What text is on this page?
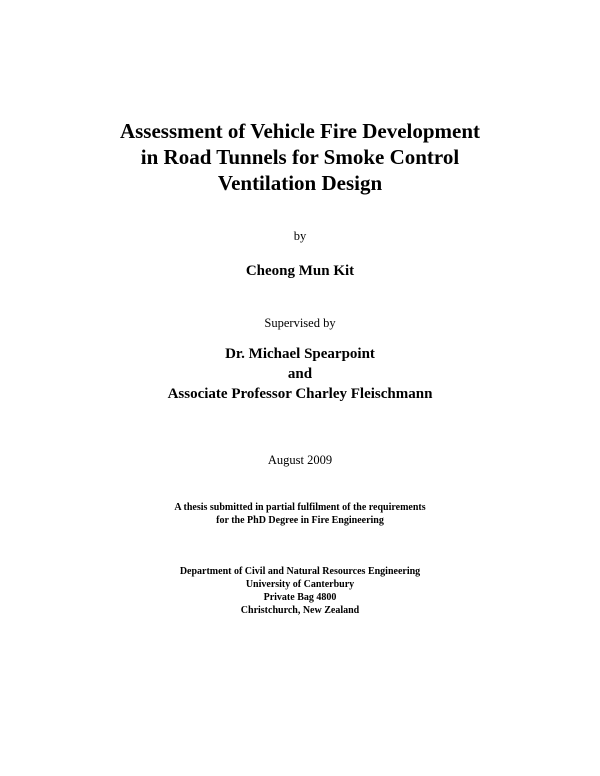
Assessment of Vehicle Fire Development
in Road Tunnels for Smoke Control
Ventilation Design
by
Cheong Mun Kit
Supervised by
Dr. Michael Spearpoint
and
Associate Professor Charley Fleischmann
August 2009
A thesis submitted in partial fulfilment of the requirements
for the PhD Degree in Fire Engineering
Department of Civil and Natural Resources Engineering
University of Canterbury
Private Bag 4800
Christchurch, New Zealand
